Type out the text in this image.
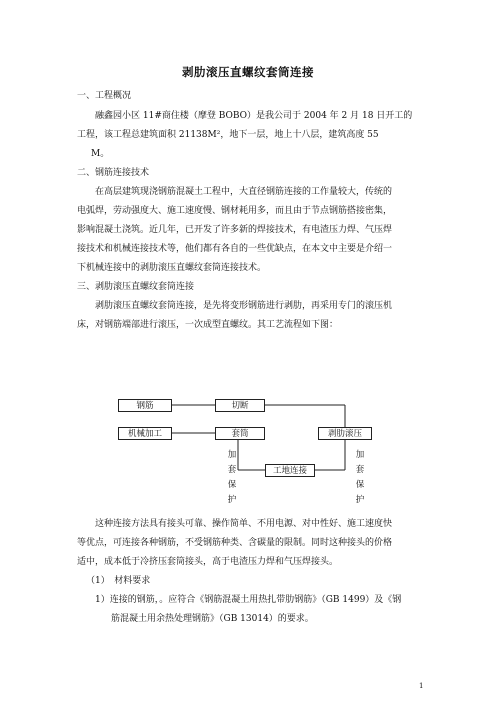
剥肋滚压直螺纹套筒连接
一、工程概况
融鑫园小区 11#商住楼（摩登 BOBO）是我公司于 2004 年 2 月 18 日开工的
工程，该工程总建筑面积 21138M²，地下一层，地上十八层，建筑高度 55
M。
二、钢筋连接技术
在高层建筑现浇钢筋混凝土工程中，大直径钢筋连接的工作量较大，传统的
电弧焊，劳动强度大、施工速度慢、钢材耗用多，而且由于节点钢筋搭接密集，
影响混凝土浇筑。近几年，已开发了许多新的焊接技术，有电渣压力焊、气压焊
接技术和机械连接技术等，他们都有各自的一些优缺点，在本文中主要是介绍一
下机械连接中的剥肋滚压直螺纹套筒连接技术。
三、剥肋滚压直螺纹套筒连接
剥肋滚压直螺纹套筒连接，是先将变形钢筋进行剥肋，再采用专门的滚压机
床，对钢筋端部进行滚压，一次成型直螺纹。其工艺流程如下图：
钢筋	切断
机械加工	套筒	剥肋滚压
工地连接
加
套
保
护
加
套
保
护
这种连接方法具有接头可靠、操作简单、不用电源、对中性好、施工速度快
等优点，可连接各种钢筋，不受钢筋种类、含碳量的限制。同时这种接头的价格
适中，成本低于冷挤压套筒接头，高于电渣压力焊和气压焊接头。
（1）　材料要求
1）连接的钢筋，。应符合《钢筋混凝土用热扎带肋钢筋》（GB 1499）及《钢
筋混凝土用余热处理钢筋》（GB 13014）的要求。
1
